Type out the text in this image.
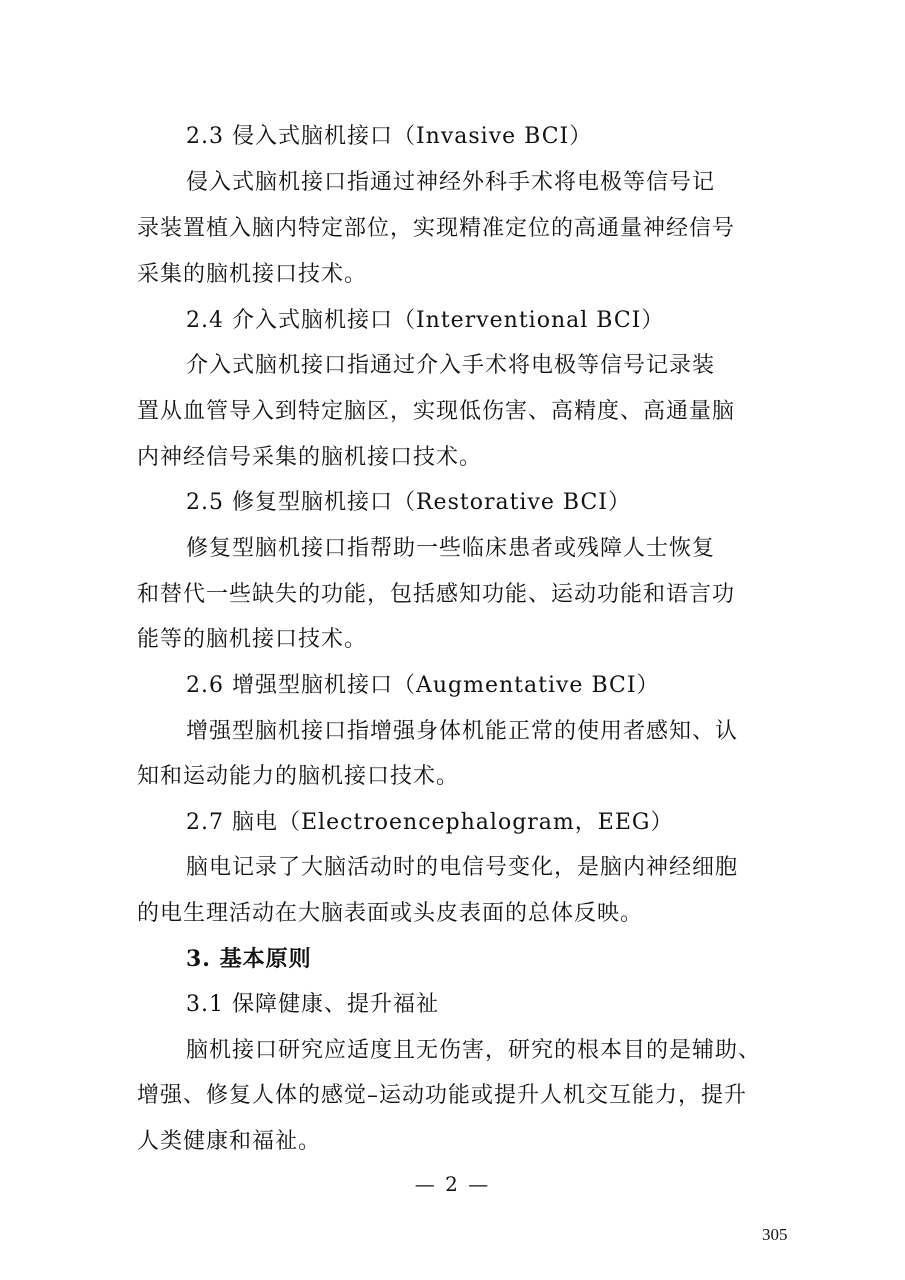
2.3 侵入式脑机接口（Invasive BCI）
侵入式脑机接口指通过神经外科手术将电极等信号记
录装置植入脑内特定部位，实现精准定位的高通量神经信号
采集的脑机接口技术。
2.4 介入式脑机接口（Interventional BCI）
介入式脑机接口指通过介入手术将电极等信号记录装
置从血管导入到特定脑区，实现低伤害、高精度、高通量脑
内神经信号采集的脑机接口技术。
2.5 修复型脑机接口（Restorative BCI）
修复型脑机接口指帮助一些临床患者或残障人士恢复
和替代一些缺失的功能，包括感知功能、运动功能和语言功
能等的脑机接口技术。
2.6 增强型脑机接口（Augmentative BCI）
增强型脑机接口指增强身体机能正常的使用者感知、认
知和运动能力的脑机接口技术。
2.7 脑电（Electroencephalogram，EEG）
脑电记录了大脑活动时的电信号变化，是脑内神经细胞
的电生理活动在大脑表面或头皮表面的总体反映。
3. 基本原则
3.1 保障健康、提升福祉
脑机接口研究应适度且无伤害，研究的根本目的是辅助、
增强、修复人体的感觉–运动功能或提升人机交互能力，提升
人类健康和福祉。
— 2 —
305
